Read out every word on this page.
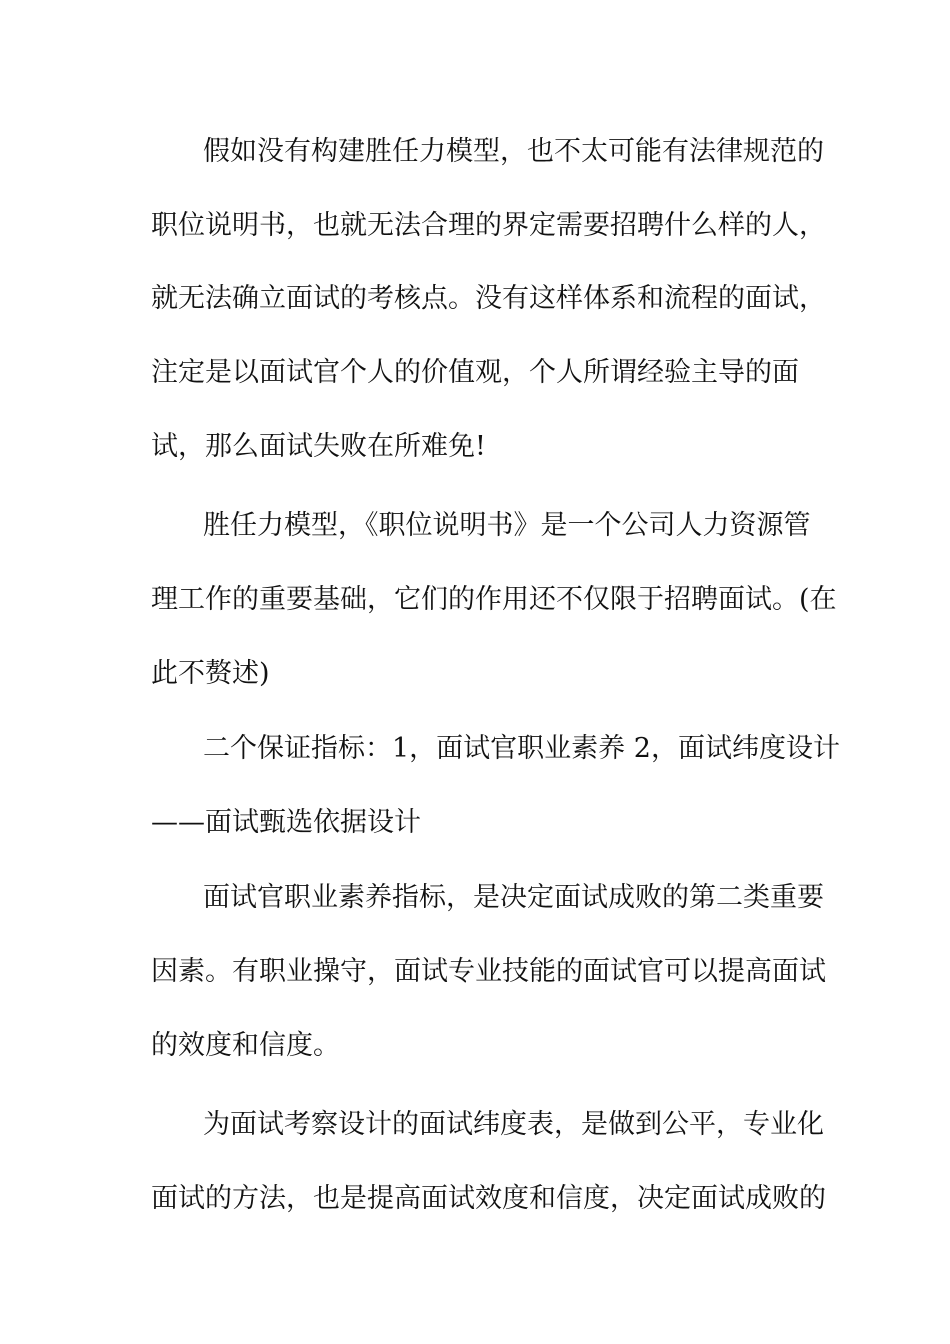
假如没有构建胜任力模型，也不太可能有法律规范的
职位说明书，也就无法合理的界定需要招聘什么样的人，
就无法确立面试的考核点。没有这样体系和流程的面试，
注定是以面试官个人的价值观，个人所谓经验主导的面
试，那么面试失败在所难免!
胜任力模型，《职位说明书》是一个公司人力资源管
理工作的重要基础，它们的作用还不仅限于招聘面试。(在
此不赘述)
二个保证指标：1，面试官职业素养 2，面试纬度设计
——面试甄选依据设计
面试官职业素养指标，是决定面试成败的第二类重要
因素。有职业操守，面试专业技能的面试官可以提高面试
的效度和信度。
为面试考察设计的面试纬度表，是做到公平，专业化
面试的方法，也是提高面试效度和信度，决定面试成败的
